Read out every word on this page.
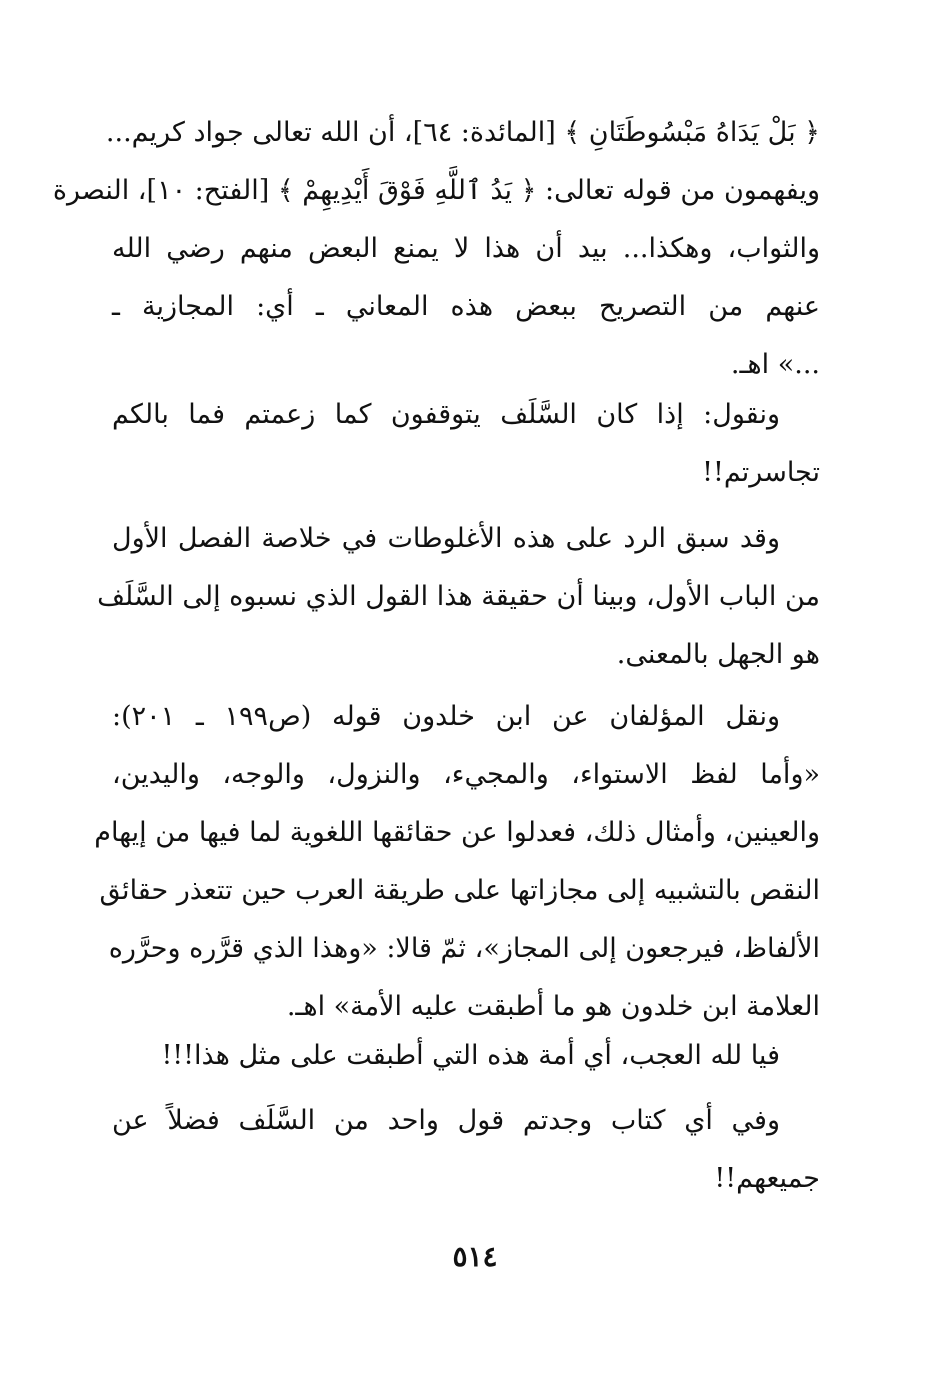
﴿ بَلْ يَدَاهُ مَبْسُوطَتَانِ ﴾ [المائدة: ٦٤]، أن الله تعالى جواد كريم...
ويفهمون من قوله تعالى: ﴿ يَدُ ٱللَّهِ فَوْقَ أَيْدِيهِمْ ﴾ [الفتح: ١٠]، النصرة
والثواب، وهكذا... بيد أن هذا لا يمنع البعض منهم رضي الله
عنهم من التصريح ببعض هذه المعاني ـ أي: المجازية ـ
...» اهـ.
ونقول: إذا كان السَّلَف يتوقفون كما زعمتم فما بالكم
تجاسرتم!!
وقد سبق الرد على هذه الأغلوطات في خلاصة الفصل الأول
من الباب الأول، وبينا أن حقيقة هذا القول الذي نسبوه إلى السَّلَف
هو الجهل بالمعنى.
ونقل المؤلفان عن ابن خلدون قوله (ص١٩٩ ـ ٢٠١):
«وأما لفظ الاستواء، والمجيء، والنزول، والوجه، واليدين،
والعينين، وأمثال ذلك، فعدلوا عن حقائقها اللغوية لما فيها من إيهام
النقص بالتشبيه إلى مجازاتها على طريقة العرب حين تتعذر حقائق
الألفاظ، فيرجعون إلى المجاز»، ثمّ قالا: «وهذا الذي قرَّره وحرَّره
العلامة ابن خلدون هو ما أطبقت عليه الأمة» اهـ.
فيا لله العجب، أي أمة هذه التي أطبقت على مثل هذا!!!
وفي أي كتاب وجدتم قول واحد من السَّلَف فضلاً عن
جميعهم!!
٥١٤
